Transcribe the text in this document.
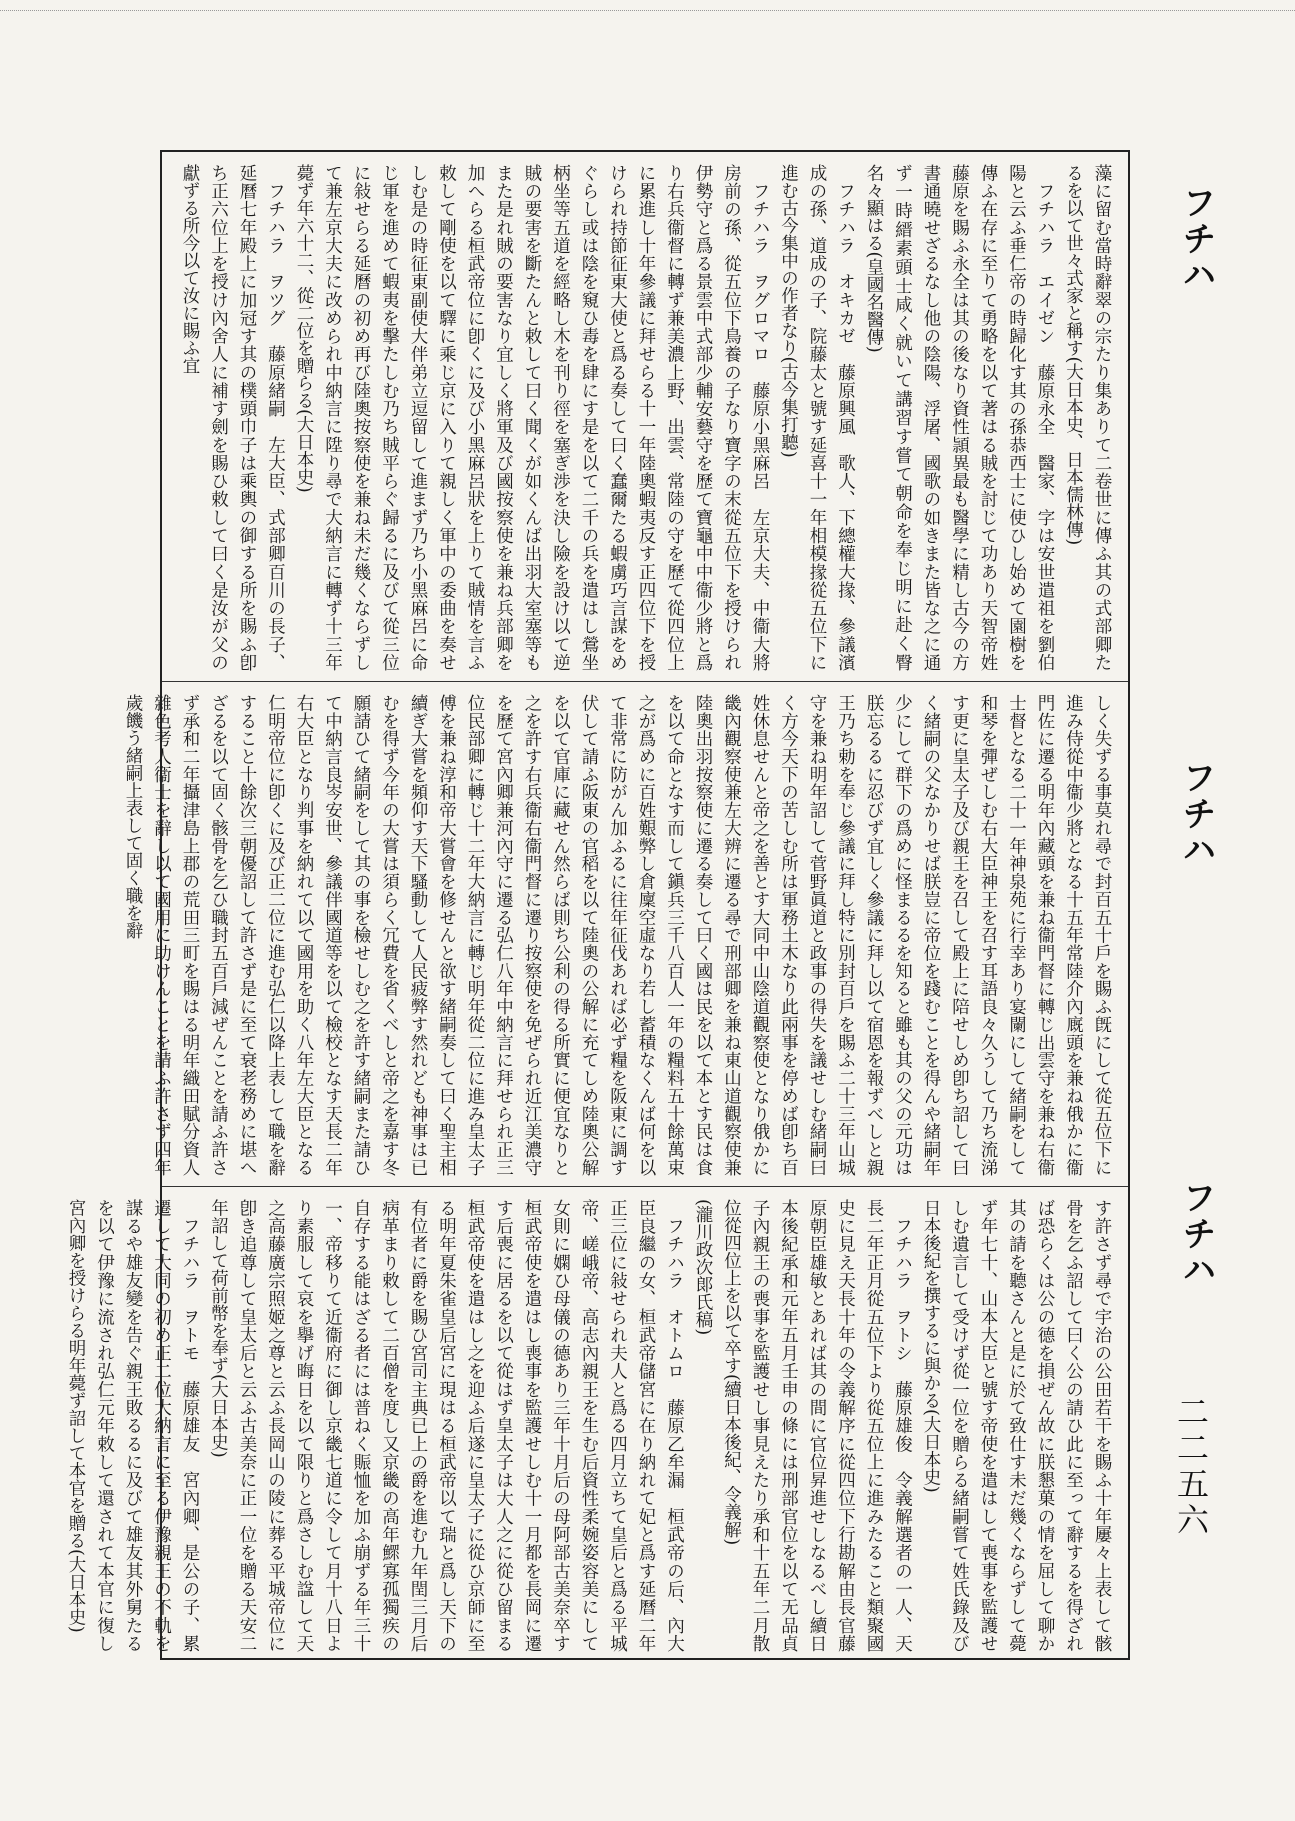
フチハ
フチハ
フチハ
二二五六
藻に留む當時辭翠の宗たり集ありて二卷世に傳ふ其の式部卿たるを以て世々式家と稱す(大日本史、日本儒林傳)
　フチハラ　エイゼン　藤原永全　醫家、字は安世遣祖を劉伯陽と云ふ垂仁帝の時歸化す其の孫恭西士に使ひし始めて園樹を傳ふ在存に至りて勇略を以て著はる賊を討じて功あり天智帝姓藤原を賜ふ永全は其の後なり資性頴異最も醫學に精し古今の方書通曉せざるなし他の陰陽、浮屠、國歌の如きまた皆な之に通ず一時縉素頭士咸く就いて講習す嘗て朝命を奉じ明に赴く臀名々顯はる(皇國名醫傳)
　フチハラ　オキカゼ　藤原興風　歌人、下總權大掾、參議濱成の孫、道成の子、院藤太と號す延喜十一年相模掾從五位下に進む古今集中の作者なり(古今集打聽)
　フチハラ　ヲグロマロ　藤原小黑麻呂　左京大夫、中衞大將房前の孫、從五位下鳥養の子なり寶字の末從五位下を授けられ伊勢守と爲る景雲中式部少輔安藝守を歷て寶龜中中衞少將と爲り右兵衞督に轉ず兼美濃上野、出雲、常陸の守を歷て從四位上に累進し十年參議に拜せらる十一年陸奧蝦夷反す正四位下を授けられ持節征東大使と爲る奏して曰く蠢爾たる蝦虜巧言謀をめぐらし或は陰を窺ひ毒を肆にす是を以て二千の兵を遣はし鶯坐柄坐等五道を經略し木を刊り徑を塞ぎ渉を決し險を設け以て逆賊の要害を斷たんと敕して曰く聞くが如くんば出羽大室塞等もまた是れ賊の要害なり宜しく將軍及び國按察使を兼ね兵部卿を加へらる桓武帝位に卽くに及び小黑麻呂狀を上りて賊情を言ふ敕して剛使を以て驛に乘じ京に入りて親しく軍中の委曲を奏せしむ是の時征東副使大伴弟立逗留して進まず乃ち小黑麻呂に命じ軍を進めて蝦夷を擊たしむ乃ち賊平らぐ歸るに及びて從三位に敍せらる延曆の初め再び陸奧按察使を兼ね未だ幾くならずして兼左京大夫に改められ中納言に陞り尋で大納言に轉ず十三年薨ず年六十二、從二位を贈らる(大日本史)
　フチハラ　ヲツグ　藤原緒嗣　左大臣、式部卿百川の長子、延曆七年殿上に加冠す其の樸頭巾子は乘輿の御する所を賜ふ卽ち正六位上を授け內舍人に補す劍を賜ひ敕して曰く是汝が父の獻ずる所今以て汝に賜ふ宜
しく失ずる事莫れ尋で封百五十戶を賜ふ旣にして從五位下に進み侍從中衞少將となる十五年常陸介內廐頭を兼ね俄かに衞門佐に遷る明年內藏頭を兼ね衞門督に轉じ出雲守を兼ね右衞士督となる二十一年神泉苑に行幸あり宴闌にして緒嗣をして和琴を彈ぜしむ右大臣神王を召す耳語良々久うして乃ち流涕す更に皇太子及び親王を召して殿上に陪せしめ卽ち詔して曰く緒嗣の父なかりせば朕豈に帝位を踐むことを得んや緒嗣年少にして群下の爲めに怪まるるを知ると雖も其の父の元功は朕忘るるに忍びず宜しく參議に拜し以て宿恩を報ずべしと親王乃ち勅を奉じ參議に拜し特に別封百戶を賜ふ二十三年山城守を兼ね明年詔して菅野眞道と政事の得失を議せしむ緒嗣曰く方今天下の苦しむ所は軍務土木なり此兩事を停めば卽ち百姓休息せんと帝之を善とす大同中山陰道觀察使となり俄かに畿內觀察使兼左大辨に遷る尋で刑部卿を兼ね東山道觀察使兼陸奧出羽按察使に遷る奏して曰く國は民を以て本とす民は食を以て命となす而して鎭兵三千八百人一年の糧料五十餘萬束之が爲めに百姓艱弊し倉廩空虛なり若し蓄積なくんば何を以て非常に防がん加ふるに往年征伐あれば必ず糧を阪東に調す伏して請ふ阪東の官稻を以て陸奧の公解に充てしめ陸奧公解を以て官庫に藏せん然らば則ち公利の得る所實に便宜なりと之を許す右兵衞右衞門督に遷り按察使を免ぜられ近江美濃守を歷て宮內卿兼河內守に遷る弘仁八年中納言に拜せられ正三位民部卿に轉じ十二年大納言に轉じ明年從二位に進み皇太子傅を兼ね淳和帝大嘗會を修せんと欲す緒嗣奏して曰く聖主相續ぎ大嘗を頻仰す天下騷動して人民疲弊す然れども神事は已むを得ず今年の大嘗は須らく冗費を省くべしと帝之を嘉す冬願請ひて緒嗣をして其の事を檢せしむ之を許す緒嗣また請ひて中納言良岑安世、參議伴國道等を以て檢校となす天長二年右大臣となり判事を納れて以て國用を助く八年左大臣となる仁明帝位に卽くに及び正二位に進む弘仁以降上表して職を辭すること十餘次三朝優詔して許さず是に至て衰老務めに堪へざるを以て固く骸骨を乞ひ職封五百戶減ぜんことを請ふ許さず承和二年攝津島上郡の荒田三町を賜はる明年織田賦分資人雜色考人衞士を辭し以て國用に助けんことを請ふ許さず四年歲饑う緒嗣上表して固く職を辭
す許さず尋で宇治の公田若干を賜ふ十年屢々上表して骸骨を乞ふ詔して曰く公の請ひ此に至って辭するを得ざれば恐らくは公の德を損ぜん故に朕懇菓の情を屈して聊か其の請を聽さんと是に於て致仕す未だ幾くならずして薨ず年七十、山本大臣と號す帝使を遣はして喪事を監護せしむ遺言して受けず從一位を贈らる緒嗣嘗て姓氏錄及び日本後紀を撰するに與かる(大日本史)
　フチハラ　ヲトシ　藤原雄俊　令義解選者の一人、天長二年正月從五位下より從五位上に進みたること類聚國史に見え天長十年の令義解序に從四位下行勘解由長官藤原朝臣雄敏とあれば其の間に官位昇進せしなるべし續日本後紀承和元年五月壬申の條には刑部官位を以て无品貞子內親王の喪事を監護せし事見えたり承和十五年二月散位從四位上を以て卒す(續日本後紀、令義解)
(瀧川政次郞氏稿)
　フチハラ　オトムロ　藤原乙牟漏　桓武帝の后、內大臣良繼の女、桓武帝儲宮に在り納れて妃と爲す延曆二年正三位に敍せられ夫人と爲る四月立ちて皇后と爲る平城帝、嵯峨帝、高志內親王を生む后資性柔婉姿容美にして女則に嫻ひ母儀の德あり三年十月后の母阿部古美奈卒す桓武帝使を遣はし喪事を監護せしむ十一月都を長岡に遷す后喪に居るを以て從はず皇太子は大人之に從ひ留まる桓武帝使を遣はし之を迎ふ后遂に皇太子に從ひ京師に至る明年夏朱雀皇后宮に現はる桓武帝以て瑞と爲し天下の有位者に爵を賜ひ宮司主典已上の爵を進む九年閏三月后病革まり敕して二百僧を度し又京畿の高年鰥寡孤獨疾の自存する能はざる者には普ねく賑恤を加ふ崩ずる年三十一、帝移りて近衞府に御し京畿七道に令して月十八日より素服して哀を擧げ晦日を以て限りと爲さしむ諡して天之高藤廣宗照姬之尊と云ふ長岡山の陵に葬る平城帝位に卽き追尊して皇太后と云ふ古美奈に正一位を贈る天安二年詔して荷前幣を奉ず(大日本史)
　フチハラ　ヲトモ　藤原雄友　宮內卿、是公の子、累遷して大同の初め正二位大納言に至る伊豫親王の不軌を謀るや雄友變を告ぐ親王敗るるに及びて雄友其外舅たるを以て伊豫に流され弘仁元年敕して還されて本官に復し宮內卿を授けらる明年薨ず詔して本官を贈る(大日本史)
